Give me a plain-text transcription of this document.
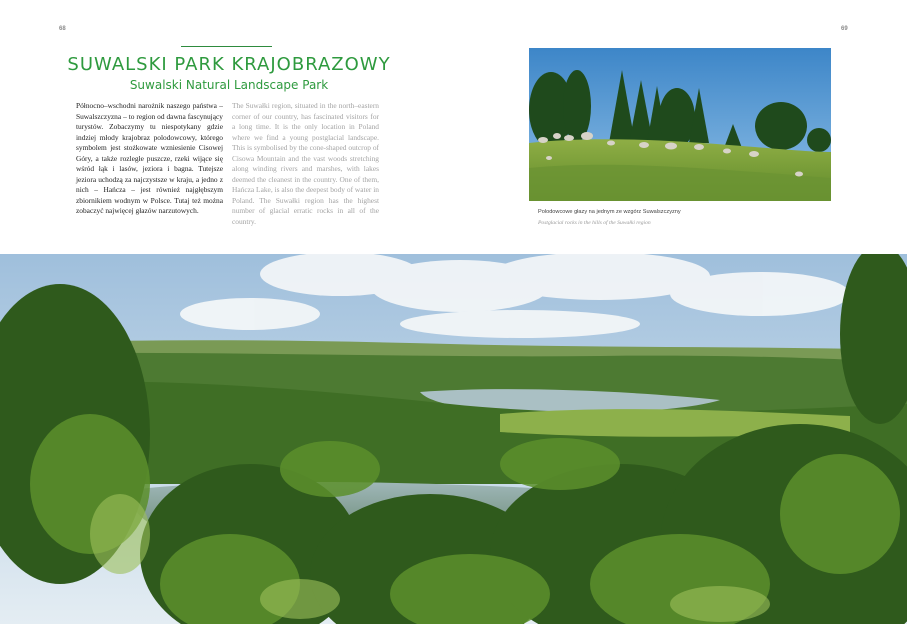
68	69
SUWALSKI PARK KRAJOBRAZOWY
Suwalski Natural Landscape Park
Północno–wschodni narożnik naszego państwa – Suwalszczyzna – to region od dawna fascynujący turystów. Zobaczymy tu niespotykany gdzie indziej młody krajobraz polodowcowy, którego symbolem jest stożkowate wzniesienie Cisowej Góry, a także rozległe puszcze, rzeki wijące się wśród łąk i lasów, jeziora i bagna. Tutejsze jeziora uchodzą za najczystsze w kraju, a jedno z nich – Hańcza – jest również najgłębszym zbiornikiem wodnym w Polsce. Tutaj też można zobaczyć najwięcej głazów narzutowych.
The Suwałki region, situated in the north–eastern corner of our country, has fascinated visitors for a long time. It is the only location in Poland where we find a young postglacial landscape. This is symbolised by the cone-shaped outcrop of Cisowa Mountain and the vast woods stretching along winding rivers and marshes, with lakes deemed the cleanest in the country. One of them, Hańcza Lake, is also the deepest body of water in Poland. The Suwałki region has the highest number of glacial erratic rocks in all of the country.
Polodowcowe głazy na jednym ze wzgórz Suwalszczyzny
Postglacial rocks in the hills of the Suwałki region
